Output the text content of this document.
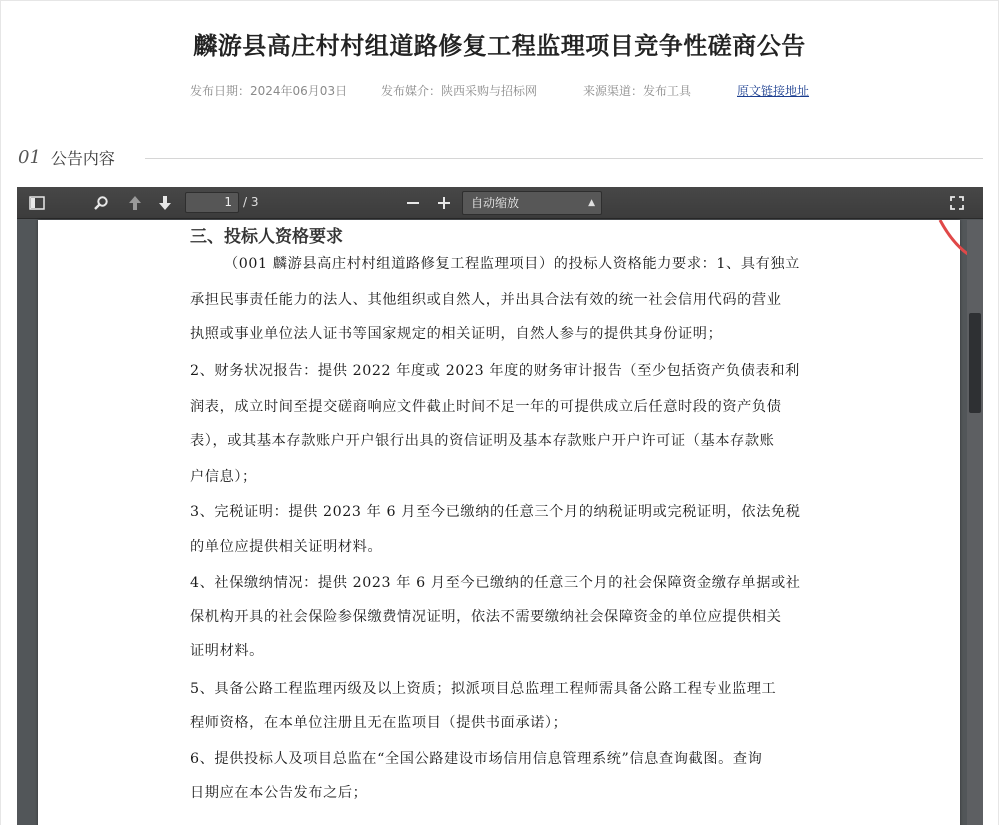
麟游县高庄村村组道路修复工程监理项目竞争性磋商公告
发布日期：2024年06月03日	发布媒介：陕西采购与招标网	来源渠道：发布工具	原文链接地址
01 公告内容
1 / 3	自动缩放	▲

三、投标人资格要求
（001 麟游县高庄村村组道路修复工程监理项目）的投标人资格能力要求：1、具有独立
承担民事责任能力的法人、其他组织或自然人，并出具合法有效的统一社会信用代码的营业
执照或事业单位法人证书等国家规定的相关证明，自然人参与的提供其身份证明；
2、财务状况报告：提供 2022 年度或 2023 年度的财务审计报告（至少包括资产负债表和利
润表，成立时间至提交磋商响应文件截止时间不足一年的可提供成立后任意时段的资产负债
表），或其基本存款账户开户银行出具的资信证明及基本存款账户开户许可证（基本存款账
户信息）；
3、完税证明：提供 2023 年 6 月至今已缴纳的任意三个月的纳税证明或完税证明，依法免税
的单位应提供相关证明材料。
4、社保缴纳情况：提供 2023 年 6 月至今已缴纳的任意三个月的社会保障资金缴存单据或社
保机构开具的社会保险参保缴费情况证明，依法不需要缴纳社会保障资金的单位应提供相关
证明材料。
5、具备公路工程监理丙级及以上资质；拟派项目总监理工程师需具备公路工程专业监理工
程师资格，在本单位注册且无在监项目（提供书面承诺）；
6、提供投标人及项目总监在“全国公路建设市场信用信息管理系统”信息查询截图。查询
日期应在本公告发布之后；
